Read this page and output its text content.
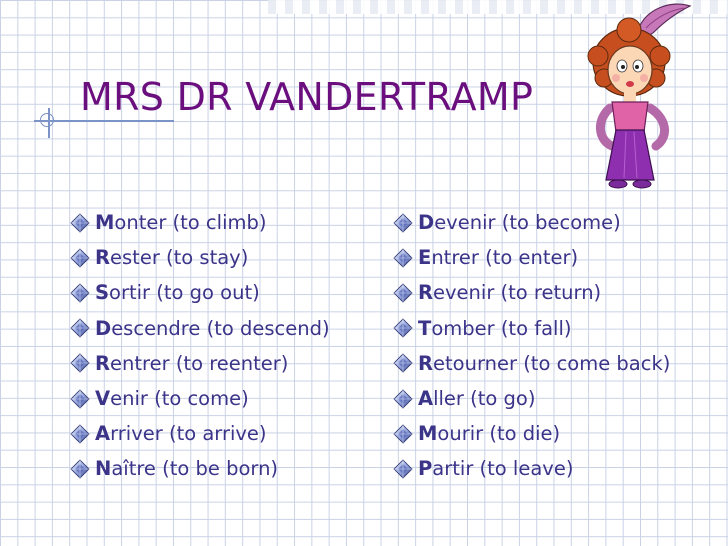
MRS DR VANDERTRAMP
M onter (to climb)
R ester (to stay)
S ortir (to go out)
D escendre (to descend)
R entrer (to reenter)
V enir (to come)
A rriver (to arrive)
N aître (to be born)
D evenir (to become)
E ntrer (to enter)
R evenir (to return)
T omber (to fall)
R etourner (to come back)
A ller (to go)
M ourir (to die)
P artir (to leave)
